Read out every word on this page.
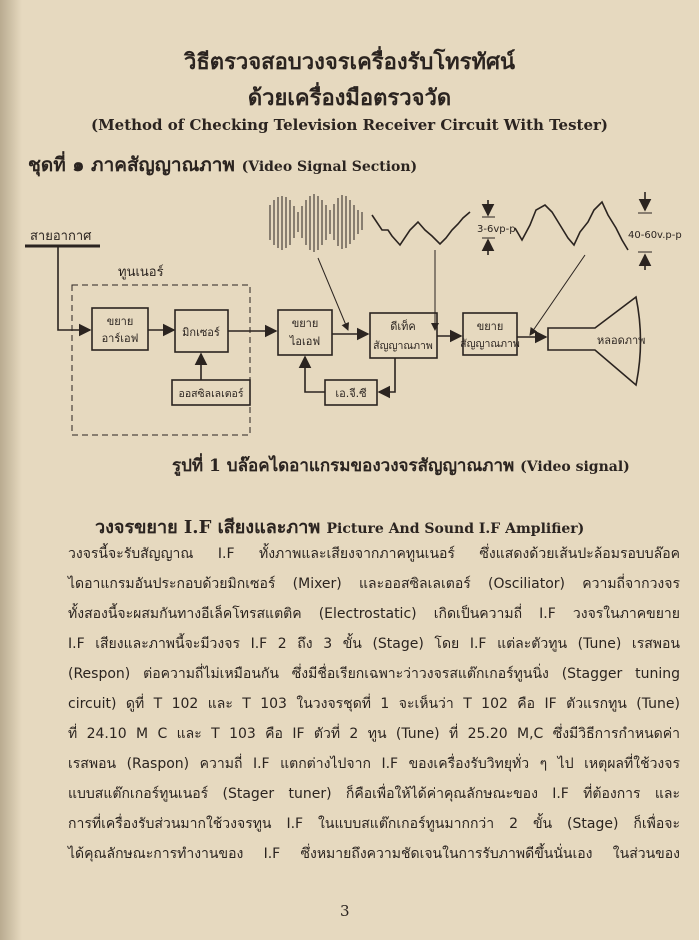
วิธีตรวจสอบวงจรเครื่องรับโทรทัศน์
ด้วยเครื่องมือตรวจวัด
(Method of Checking Television Receiver Circuit With Tester)
ชุดที่ ๑ ภาคสัญญาณภาพ (Video Signal Section)
สายอากาศ
ทูนเนอร์
ขยาย
อาร์เอฟ	มิกเซอร์
ออสซิลเลเตอร์
ขยาย
ไอเอฟ
ดีเท็ค
สัญญาณภาพ
เอ.จี.ซี
ขยาย
สัญญาณภาพ	หลอดภาพ
3-6vp-p
40-60v.p-p
รูปที่ 1 บล๊อคไดอาแกรมของวงจรสัญญาณภาพ (Video signal)
วงจรขยาย I.F เสียงและภาพ Picture And Sound I.F Amplifier)
วงจรนี้จะรับสัญญาณ I.F ทั้งภาพและเสียงจากภาคทูนเนอร์ ซึ่งแสดงด้วยเส้นปะล้อมรอบบล๊อค
ไดอาแกรมอันประกอบด้วยมิกเซอร์ (Mixer) และออสซิลเลเตอร์ (Osciliator) ความถี่จากวงจร
ทั้งสองนี้จะผสมกันทางอีเล็คโทรสแตติค (Electrostatic) เกิดเป็นความถี่ I.F วงจรในภาคขยาย
I.F เสียงและภาพนี้จะมีวงจร I.F 2 ถึง 3 ขั้น (Stage) โดย I.F แต่ละตัวทูน (Tune) เรสพอน
(Respon) ต่อความถี่ไม่เหมือนกัน ซึ่งมีชื่อเรียกเฉพาะว่าวงจรสแต๊กเกอร์ทูนนิ่ง (Stagger tuning
circuit) ดูที่ T 102 และ T 103 ในวงจรชุดที่ 1 จะเห็นว่า T 102 คือ IF ตัวแรกทูน (Tune)
ที่ 24.10 M C และ T 103 คือ IF ตัวที่ 2 ทูน (Tune) ที่ 25.20 M,C ซึ่งมีวิธีการกำหนดค่า
เรสพอน (Raspon) ความถี่ I.F แตกต่างไปจาก I.F ของเครื่องรับวิทยุทั่ว ๆ ไป เหตุผลที่ใช้วงจร
แบบสแต๊กเกอร์ทูนเนอร์ (Stager tuner) ก็คือเพื่อให้ได้ค่าคุณลักษณะของ I.F ที่ต้องการ และ
การที่เครื่องรับส่วนมากใช้วงจรทูน I.F ในแบบสแต๊กเกอร์ทูนมากกว่า 2 ขั้น (Stage) ก็เพื่อจะ
ได้คุณลักษณะการทำงานของ I.F ซึ่งหมายถึงความชัดเจนในการรับภาพดีขึ้นนั่นเอง ในส่วนของ
3
